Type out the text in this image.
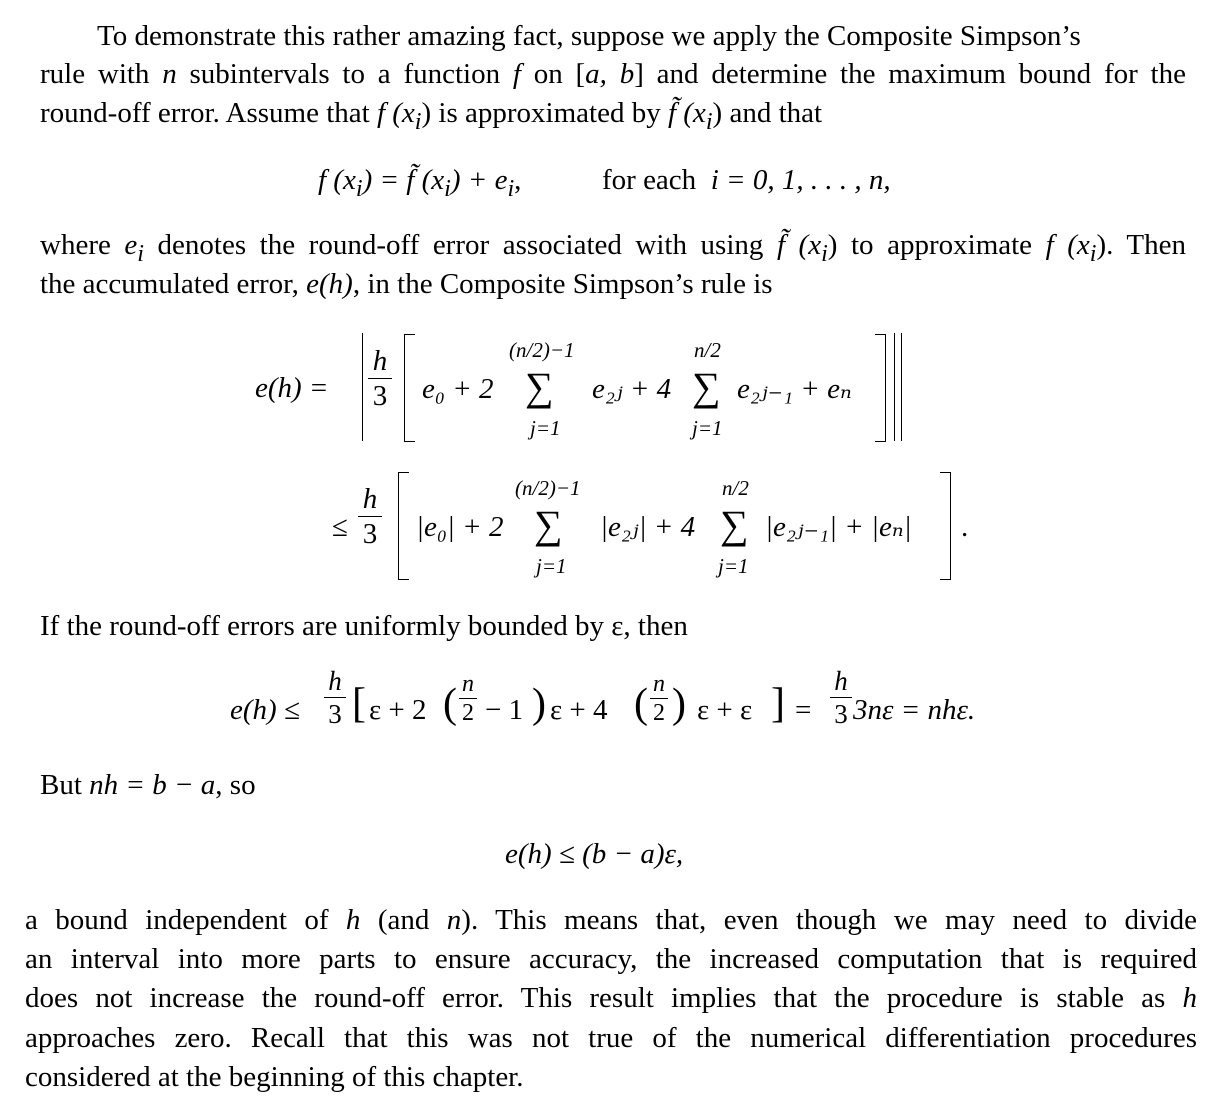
To demonstrate this rather amazing fact, suppose we apply the Composite Simpson’s
rule with n subintervals to a function f on [a, b] and determine the maximum bound for the
round-off error. Assume that f $(x_i)$ is approximated by f̃ $(x_i)$ and that
f $(x_i)$ = f̃ $(x_i) + e_i$,	for each i = 0, 1, . . . , n,
where $e_i$ denotes the round-off error associated with using f̃ $(x_i)$ to approximate f $(x_i)$. Then
the accumulated error, e(h), in the Composite Simpson’s rule is
e(h) =
h
3 e₀ + 2
(n/2)−1
∑
j=1
e₂ⱼ + 4
n/2
∑
j=1
e₂ⱼ₋₁ + eₙ
≤
h
3 |e₀| + 2
(n/2)−1
∑
j=1
|e₂ⱼ| + 4
n/2
∑
j=1
|e₂ⱼ₋₁| + |eₙ| .
If the round-off errors are uniformly bounded by ε, then
e(h) ≤
h
3 [ ε + 2 ( n
2 − 1 ) ε + 4 ( n
2 ) ε + ε ] =
h
3 3nε = nhε.
But nh = b − a, so
e(h) ≤ (b − a)ε,
a bound independent of h (and n). This means that, even though we may need to divide
an interval into more parts to ensure accuracy, the increased computation that is required
does not increase the round-off error. This result implies that the procedure is stable as h
approaches zero. Recall that this was not true of the numerical differentiation procedures
considered at the beginning of this chapter.
